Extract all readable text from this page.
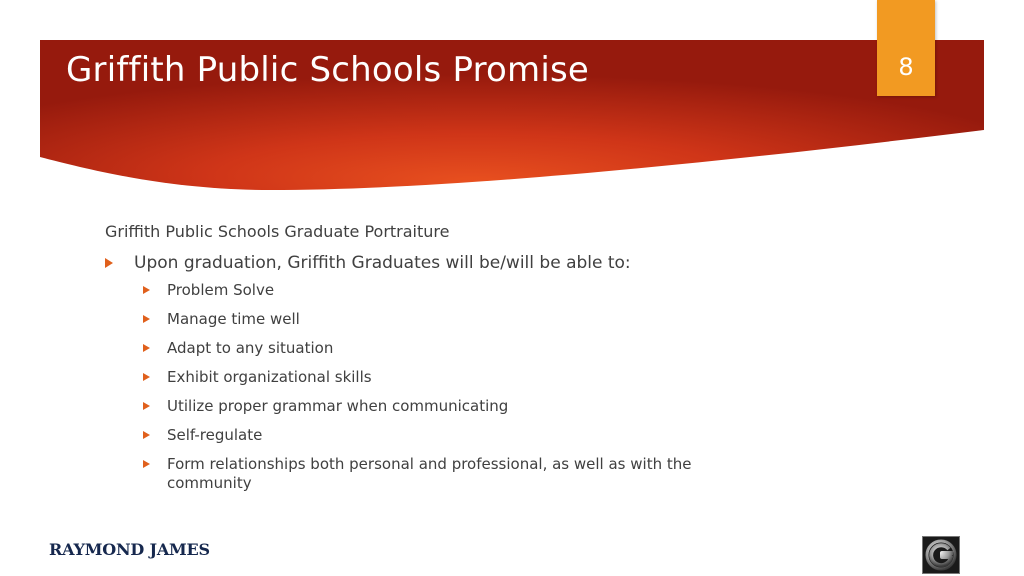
Griffith Public Schools Promise	8
Griffith Public Schools Graduate Portraiture
Upon graduation, Griffith Graduates will be/will be able to:
Problem Solve
Manage time well
Adapt to any situation
Exhibit organizational skills
Utilize proper grammar when communicating
Self-regulate
Form relationships both personal and professional, as well as with the community
RAYMOND JAMES
